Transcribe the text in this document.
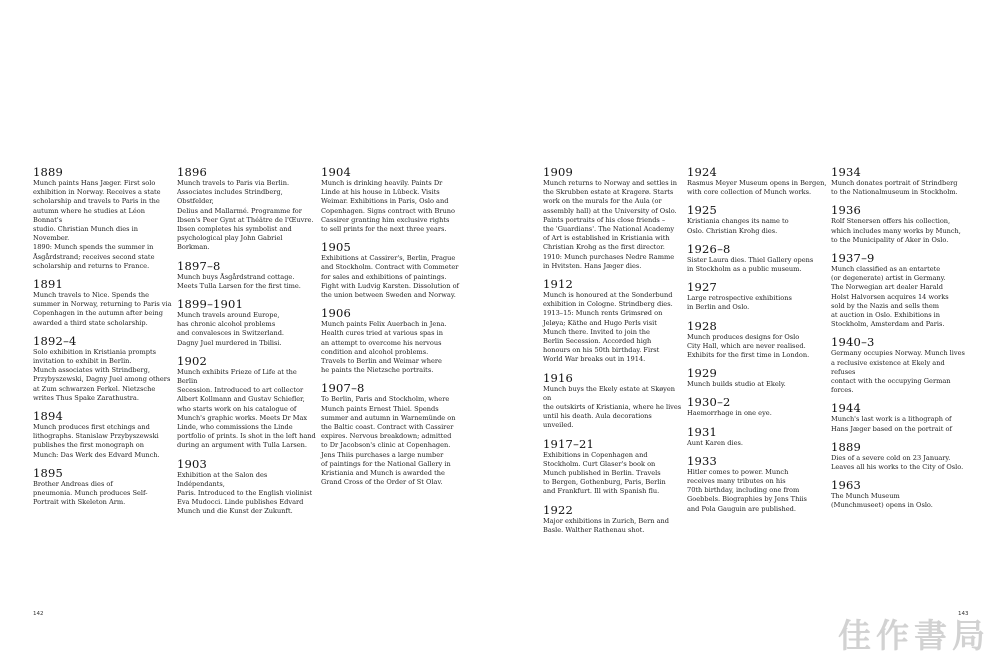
1889
Munch paints Hans Jæger. First solo
exhibition in Norway. Receives a state
scholarship and travels to Paris in the
autumn where he studies at Léon Bonnat's
studio. Christian Munch dies in November.
1890: Munch spends the summer in
Åsgårdstrand; receives second state
scholarship and returns to France.
1891
Munch travels to Nice. Spends the
summer in Norway, returning to Paris via
Copenhagen in the autumn after being
awarded a third state scholarship.
1892–4
Solo exhibition in Kristiania prompts
invitation to exhibit in Berlin.
Munch associates with Strindberg,
Przybyszewski, Dagny Juel among others
at Zum schwarzen Ferkel. Nietzsche
writes Thus Spake Zarathustra.
1894
Munch produces first etchings and
lithographs. Stanislaw Przybyszewski
publishes the first monograph on
Munch: Das Werk des Edvard Munch.
1895
Brother Andreas dies of
pneumonia. Munch produces Self-
Portrait with Skeleton Arm.
1896
Munch travels to Paris via Berlin.
Associates includes Strindberg, Obstfelder,
Delius and Mallarmé. Programme for
Ibsen's Peer Gynt at Théâtre de l'Œuvre.
Ibsen completes his symbolist and
psychological play John Gabriel Borkman.
1897–8
Munch buys Åsgårdstrand cottage.
Meets Tulla Larsen for the first time.
1899–1901
Munch travels around Europe,
has chronic alcohol problems
and convalesces in Switzerland.
Dagny Juel murdered in Tbilisi.
1902
Munch exhibits Frieze of Life at the Berlin
Secession. Introduced to art collector
Albert Kollmann and Gustav Schiefler,
who starts work on his catalogue of
Munch's graphic works. Meets Dr Max
Linde, who commissions the Linde
portfolio of prints. Is shot in the left hand
during an argument with Tulla Larsen.
1903
Exhibition at the Salon des Indépendants,
Paris. Introduced to the English violinist
Eva Mudocci. Linde publishes Edvard
Munch und die Kunst der Zukunft.
1904
Munch is drinking heavily. Paints Dr
Linde at his house in Lübeck. Visits
Weimar. Exhibitions in Paris, Oslo and
Copenhagen. Signs contract with Bruno
Cassirer granting him exclusive rights
to sell prints for the next three years.
1905
Exhibitions at Cassirer's, Berlin, Prague
and Stockholm. Contract with Commeter
for sales and exhibitions of paintings.
Fight with Ludvig Karsten. Dissolution of
the union between Sweden and Norway.
1906
Munch paints Felix Auerbach in Jena.
Health cures tried at various spas in
an attempt to overcome his nervous
condition and alcohol problems.
Travels to Berlin and Weimar where
he paints the Nietzsche portraits.
1907–8
To Berlin, Paris and Stockholm, where
Munch paints Ernest Thiel. Spends
summer and autumn in Warnemünde on
the Baltic coast. Contract with Cassirer
expires. Nervous breakdown; admitted
to Dr Jacobson's clinic at Copenhagen.
Jens Thiis purchases a large number
of paintings for the National Gallery in
Kristiania and Munch is awarded the
Grand Cross of the Order of St Olav.
1909
Munch returns to Norway and settles in
the Skrubben estate at Kragerø. Starts
work on the murals for the Aula (or
assembly hall) at the University of Oslo.
Paints portraits of his close friends –
the 'Guardians'. The National Academy
of Art is established in Kristiania with
Christian Krohg as the first director.
1910: Munch purchases Nedre Ramme
in Hvitsten. Hans Jæger dies.
1912
Munch is honoured at the Sonderbund
exhibition in Cologne. Strindberg dies.
1913–15: Munch rents Grimsrød on
Jeløya; Käthe and Hugo Perls visit
Munch there. Invited to join the
Berlin Secession. Accorded high
honours on his 50th birthday. First
World War breaks out in 1914.
1916
Munch buys the Ekely estate at Skøyen on
the outskirts of Kristiania, where he lives
until his death. Aula decorations unveiled.
1917–21
Exhibitions in Copenhagen and
Stockholm. Curt Glaser's book on
Munch published in Berlin. Travels
to Bergen, Gothenburg, Paris, Berlin
and Frankfurt. Ill with Spanish flu.
1922
Major exhibitions in Zurich, Bern and
Basle. Walther Rathenau shot.
1924
Rasmus Meyer Museum opens in Bergen,
with core collection of Munch works.
1925
Kristiania changes its name to
Oslo. Christian Krohg dies.
1926–8
Sister Laura dies. Thiel Gallery opens
in Stockholm as a public museum.
1927
Large retrospective exhibitions
in Berlin and Oslo.
1928
Munch produces designs for Oslo
City Hall, which are never realised.
Exhibits for the first time in London.
1929
Munch builds studio at Ekely.
1930–2
Haemorrhage in one eye.
1931
Aunt Karen dies.
1933
Hitler comes to power. Munch
receives many tributes on his
70th birthday, including one from
Goebbels. Biographies by Jens Thiis
and Pola Gauguin are published.
1934
Munch donates portrait of Strindberg
to the Nationalmuseum in Stockholm.
1936
Rolf Stenersen offers his collection,
which includes many works by Munch,
to the Municipality of Aker in Oslo.
1937–9
Munch classified as an entartete
(or degenerate) artist in Germany.
The Norwegian art dealer Harald
Holst Halvorsen acquires 14 works
sold by the Nazis and sells them
at auction in Oslo. Exhibitions in
Stockholm, Amsterdam and Paris.
1940–3
Germany occupies Norway. Munch lives
a reclusive existence at Ekely and refuses
contact with the occupying German forces.
1944
Munch's last work is a lithograph of
Hans Jæger based on the portrait of
1889
Dies of a severe cold on 23 January.
Leaves all his works to the City of Oslo.
1963
The Munch Museum
(Munchmuseet) opens in Oslo.
142	143
佳作書局
